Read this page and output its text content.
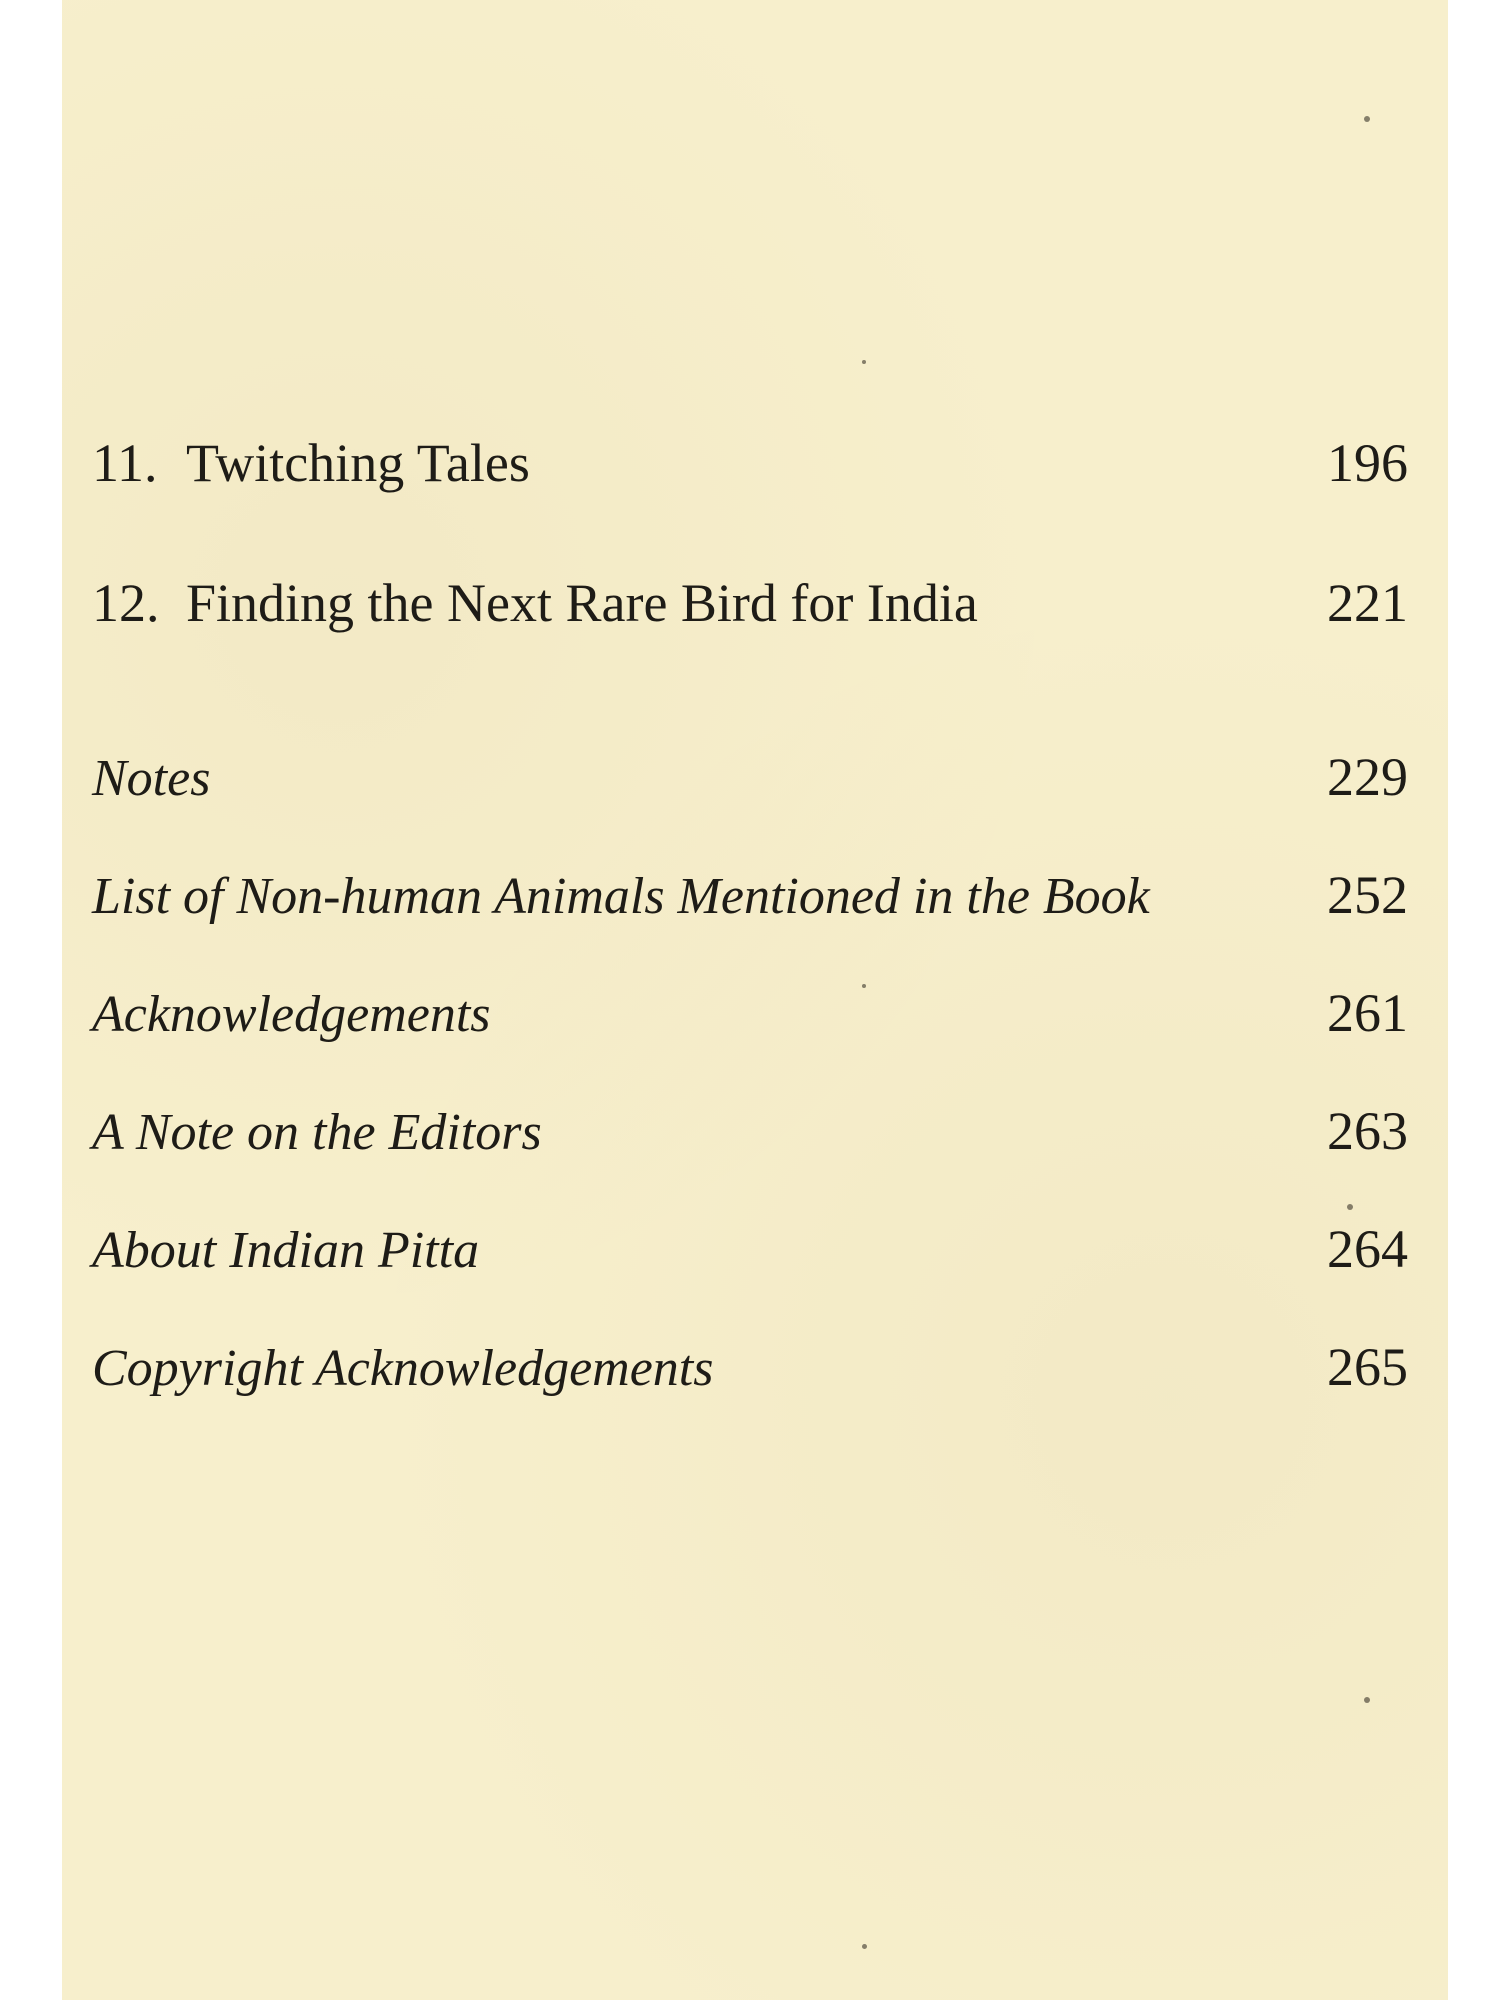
11. Twitching Tales	196
12. Finding the Next Rare Bird for India	221
Notes	229
List of Non-human Animals Mentioned in the Book	252
Acknowledgements	261
A Note on the Editors	263
About Indian Pitta	264
Copyright Acknowledgements	265
